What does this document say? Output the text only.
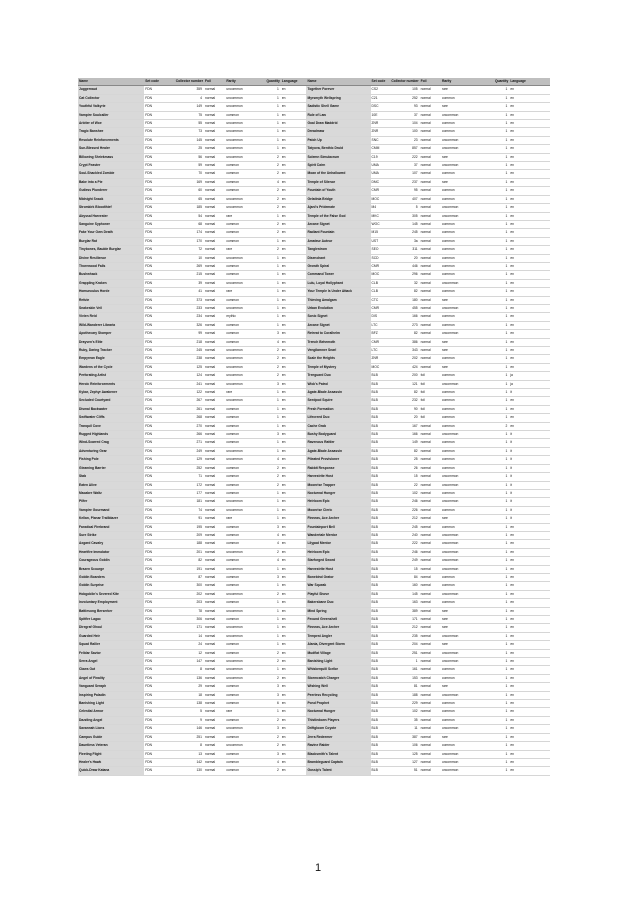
Name	Set code	Collector number	Foil	Rarity	Quantity	Language	Name	Set code	Collector number	Foil	Rarity	Quantity	Language
Juggernaut	FDN	359	normal	uncommon	1	en	Together Forever	CS2	105	normal	rare	1	en
Cat Collector	FDN	4	normal	uncommon	1	en	Myrsmyth Wellspring	C21	252	normal	common	1	en
Youthful Valkyrie	FDN	149	normal	uncommon	1	en	Sadistic Shell Game	DSC	93	normal	rare	1	en
Vampire Soulcaller	FDN	75	normal	common	1	en	Rule of Law	10E	37	normal	uncommon	1	en
Arbiter of Woe	FDN	55	normal	uncommon	1	en	Goal Draw Maddrid	ZNR	104	normal	common	1	en
Tragic Banshee	FDN	73	normal	uncommon	1	en	Dreadmaw	ZNR	100	normal	common	1	en
Resolute Reinforcements	FDN	145	normal	uncommon	1	en	Patch Up	SNC	23	normal	uncommon	1	en
Sun-Blessed Healer	FDN	25	normal	uncommon	1	en	Tatyova, Benthic Druid	CMM	857	normal	uncommon	1	en
Billowing Shriekmass	FDN	56	normal	uncommon	2	en	Solemn Simulacrum	C19	222	normal	rare	1	en
Crypt Feaster	FDN	59	normal	common	2	en	Spirit Cairn	UMA	37	normal	uncommon	1	en
Soul-Shackled Zombie	FDN	70	normal	common	2	en	Moan of the Unhallowed	UMA	107	normal	common	1	en
Bake into a Pie	FDN	169	normal	common	4	en	Temple of Silence	DMC	237	normal	rare	1	en
Gutless Plunderer	FDN	60	normal	common	2	en	Fountain of Youth	CMR	95	normal	common	1	en
Midnight Snack	FDN	65	normal	uncommon	2	en	Gelatinia Bridge	MOC	407	normal	common	1	en
Stromkirk Bloodthief	FDN	185	normal	uncommon	2	en	Ajani's Pridemate	M4	5	normal	uncommon	1	en
Abyssal Harvester	FDN	54	normal	rare	1	en	Temple of the False God	MKC	305	normal	uncommon	1	en
Sanguine Syphoner	FDN	68	normal	common	2	en	Arcane Signet	WOC	145	normal	common	1	en
Fake Your Own Death	FDN	174	normal	common	2	en	Radiant Fountain	M15	245	normal	common	1	en
Burglar Rat	FDN	170	normal	common	1	en	Amateur Auteur	UST	3a	normal	common	1	en
Tinybones, Bauble Burglar	FDN	72	normal	rare	2	en	Tanglestrom	SEO	311	normal	common	1	en
Divine Resilience	FDN	10	normal	uncommon	1	en	Disenchant	SCD	20	normal	common	1	en
Thornwood Falls	FDN	269	normal	common	1	en	Growth Spiral	CMR	446	normal	common	1	en
Bushwhack	FDN	215	normal	common	1	en	Command Tower	MOC	296	normal	common	1	en
Grappling Kraken	FDN	39	normal	uncommon	1	en	Lulu, Loyal Hollyphant	CLB	32	normal	uncommon	1	en
Homunculus Horde	FDN	41	normal	rare	1	en	Your Temple Is Under Attack	CLB	82	normal	common	1	en
Refute	FDN	373	normal	common	1	en	Thieving Amalgam	CTC	180	normal	rare	1	en
Snakeskin Veil	FDN	233	normal	uncommon	1	en	Urban Evolution	CMR	455	normal	uncommon	1	en
Vivien Reid	FDN	234	normal	mythic	1	en	Sonic Signet	DIS	166	normal	common	1	en
Wild-Wanderer Libraria	FDN	326	normal	common	1	en	Arcane Signet	LTC	273	normal	common	1	en
Apothecary Stomper	FDN	99	normal	common	3	en	Retreat to Coralhelm	BFZ	82	normal	uncommon	1	en
Drayven's Elite	FDN	218	normal	common	4	en	Trench Behemoth	CMR	386	normal	rare	1	en
Ruby, Daring Tracker	FDN	245	normal	uncommon	2	en	Vengilamner Snarl	LTC	343	normal	rare	1	en
Empyrean Eagle	FDN	238	normal	uncommon	2	en	Scale the Heights	ZNR	202	normal	common	1	en
Wardens of the Cycle	FDN	125	normal	uncommon	2	en	Temple of Mystery	MOC	424	normal	rare	1	en
Perforating Artist	FDN	124	normal	uncommon	2	en	Treeguard Duo	BLB	200	foil	common	1	ja
Heroic Reinforcements	FDN	241	normal	uncommon	3	en	Wick's Patrol	BLB	121	foil	uncommon	1	ja
Kykar, Zephyr Awakener	FDN	122	normal	rare	1	en	Agate-Blade Assassin	BLB	82	foil	common	1	it
Secluded Courtyard	FDN	267	normal	uncommon	1	en	Seedpod Squire	BLB	232	foil	common	1	en
Dismal Backwater	FDN	261	normal	common	1	en	Fresh Formation	BLB	90	foil	common	1	en
Swiftwater Cliffs	FDN	268	normal	common	1	en	Lifecreed Duo	BLB	20	foil	common	1	en
Tranquil Cove	FDN	270	normal	common	1	en	Cache Grab	BLB	167	normal	common	2	en
Rugged Highlands	FDN	266	normal	common	3	en	Bushy Bodyguard	BLB	166	normal	uncommon	1	it
Wind-Scarred Crag	FDN	271	normal	common	1	en	Ravenous Rattler	BLB	149	normal	common	1	it
Adventuring Gear	FDN	249	normal	uncommon	1	en	Agate-Blade Assassin	BLB	82	normal	common	1	it
Fishing Pole	FDN	129	normal	uncommon	4	en	Pileated Provisioner	BLB	25	normal	common	1	it
Gleaming Barrier	FDN	252	normal	common	2	en	Rabbit Response	BLB	26	normal	common	1	it
Stab	FDN	71	normal	common	2	en	Harvestrite Host	BLB	15	normal	uncommon	1	it
Eaten Alive	FDN	172	normal	common	2	en	Moonrise Trapper	BLB	22	normal	uncommon	1	it
Macabre Waltz	FDN	177	normal	common	1	en	Nocturnal Hunger	BLB	102	normal	common	1	it
Pilfer	FDN	181	normal	uncommon	1	en	Heirloom Epic	BLB	246	normal	uncommon	1	it
Vampire Gourmand	FDN	74	normal	uncommon	1	en	Moonrise Cleric	BLB	226	normal	common	1	it
Kellan, Planar Trailblazer	FDN	91	normal	rare	1	en	Finneas, Ace Archer	BLB	212	normal	rare	1	it
Fanatical Firebrand	FDN	195	normal	common	3	en	Fountainport Bell	BLB	245	normal	common	1	en
Sure Strike	FDN	209	normal	common	4	en	Wandertale Mentor	BLB	240	normal	uncommon	1	en
Axgard Cavalry	FDN	188	normal	common	4	en	Lilypad Mentor	BLB	222	normal	uncommon	1	en
Heartfire Immolator	FDN	201	normal	uncommon	2	en	Heirloom Epic	BLB	246	normal	uncommon	1	en
Courageous Goblin	FDN	82	normal	common	4	en	Starforged Sword	BLB	249	normal	uncommon	1	en
Brazen Scourge	FDN	191	normal	uncommon	1	en	Harvestrite Host	BLB	15	normal	uncommon	1	en
Goblin Boarders	FDN	87	normal	common	3	en	Bonebind Orator	BLB	84	normal	common	1	en
Goblin Surprise	FDN	300	normal	common	1	en	War Squeak	BLB	160	normal	common	1	en
Hobgoblin's Severed Kite	FDN	202	normal	uncommon	2	en	Playful Shove	BLB	145	normal	uncommon	1	en
Involuntary Employment	FDN	203	normal	common	1	en	Bakersbane Duo	BLB	163	normal	common	1	en
Battlesong Berserker	FDN	78	normal	uncommon	1	en	Mind Spring	BLB	389	normal	rare	1	en
Spitfire Lagac	FDN	306	normal	common	1	en	Fecund Greenshell	BLB	171	normal	rare	1	en
Diregraf Ghoul	FDN	171	normal	uncommon	1	en	Finneas, Ace Archer	BLB	212	normal	rare	1	en
Guarded Heir	FDN	14	normal	uncommon	1	en	Tempest Angler	BLB	235	normal	uncommon	1	en
Squad Rallier	FDN	24	normal	common	1	en	Alania, Divergent Storm	BLB	204	normal	rare	1	en
Felidar Savior	FDN	12	normal	common	2	en	Mudflat Village	BLB	251	normal	uncommon	1	en
Serra Angel	FDN	147	normal	uncommon	2	en	Banishing Light	BLB	1	normal	uncommon	1	en
Claws Out	FDN	8	normal	uncommon	1	en	Whiskerquill Scribe	BLB	161	normal	common	1	en
Angel of Finality	FDN	136	normal	uncommon	2	en	Stormcatch Charger	BLB	153	normal	common	1	en
Vanguard Seraph	FDN	29	normal	common	3	en	Wishing Well	BLB	81	normal	rare	1	en
Inspiring Paladin	FDN	18	normal	common	3	en	Peerless Recycling	BLB	188	normal	uncommon	1	en
Banishing Light	FDN	138	normal	common	6	en	Pond Prophet	BLB	229	normal	common	1	en
Celestial Armor	FDN	5	normal	rare	1	en	Nocturnal Hunger	BLB	102	normal	common	1	en
Dazzling Angel	FDN	9	normal	common	2	en	Thistledown Players	BLB	35	normal	common	1	en
Savannah Lions	FDN	146	normal	uncommon	3	en	Driftgloom Coyote	BLB	11	normal	uncommon	1	en
Campus Guide	FDN	251	normal	common	2	en	Jerra Redeemer	BLB	387	normal	rare	1	en
Dauntless Veteran	FDN	8	normal	uncommon	2	en	Ravine Raider	BLB	106	normal	common	1	en
Fleeting Flight	FDN	13	normal	common	3	en	Blacksmith's Talent	BLB	125	normal	uncommon	1	en
Healer's Hawk	FDN	142	normal	common	4	en	Brambleguard Captain	BLB	127	normal	uncommon	1	en
Quick-Draw Katana	FDN	130	normal	common	2	en	Gossip's Talent	BLB	51	normal	uncommon	1	en
1
